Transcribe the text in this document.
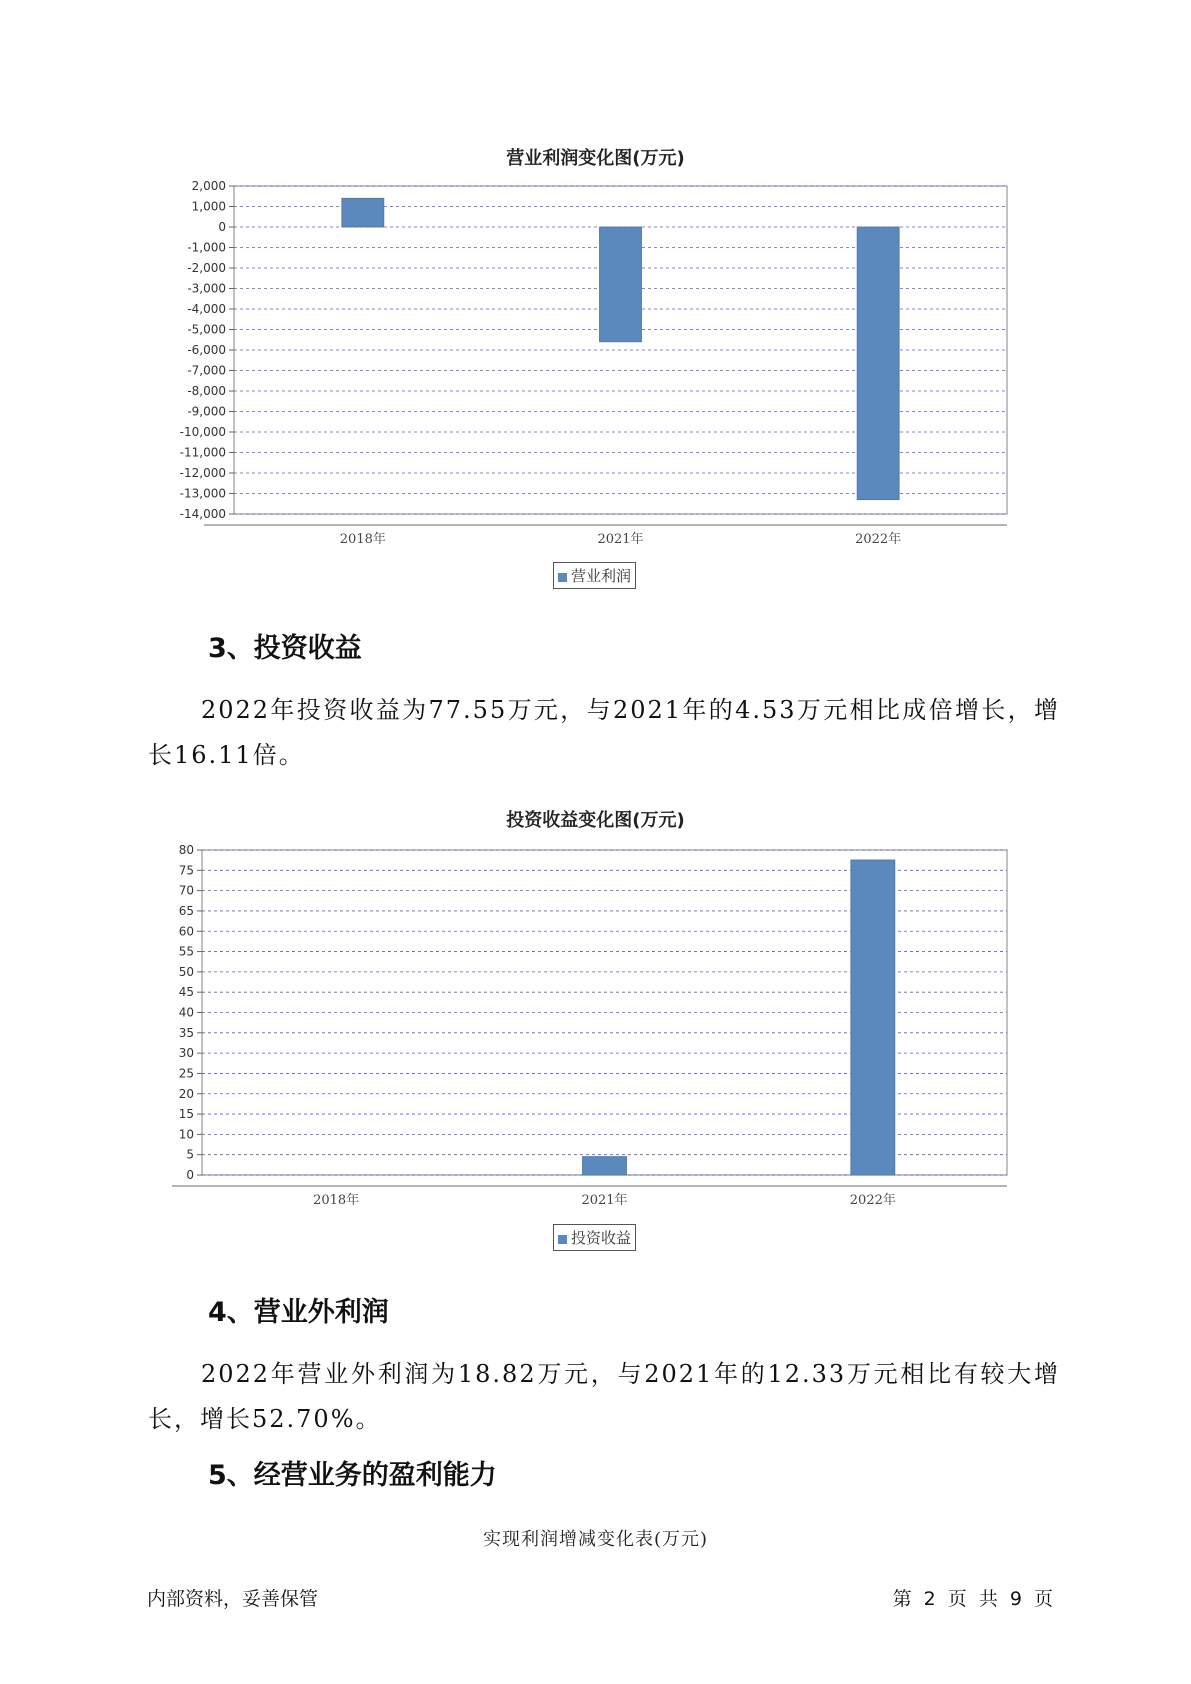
营业利润变化图(万元)
2,000
1,000
0
-1,000
-2,000
-3,000
-4,000
-5,000
-6,000
-7,000
-8,000
-9,000
-10,000
-11,000
-12,000
-13,000
-14,000
2018年	2021年	2022年
营业利润
3、投资收益
2022年投资收益为77.55万元，与2021年的4.53万元相比成倍增长，增长16.11倍。
投资收益变化图(万元)
80
75
70
65
60
55
50
45
40
35
30
25
20
15
10
5
0
2018年	2021年	2022年
投资收益
4、营业外利润
2022年营业外利润为18.82万元，与2021年的12.33万元相比有较大增长，增长52.70%。
5、经营业务的盈利能力
实现利润增减变化表(万元)
内部资料，妥善保管	第 2 页 共 9 页
